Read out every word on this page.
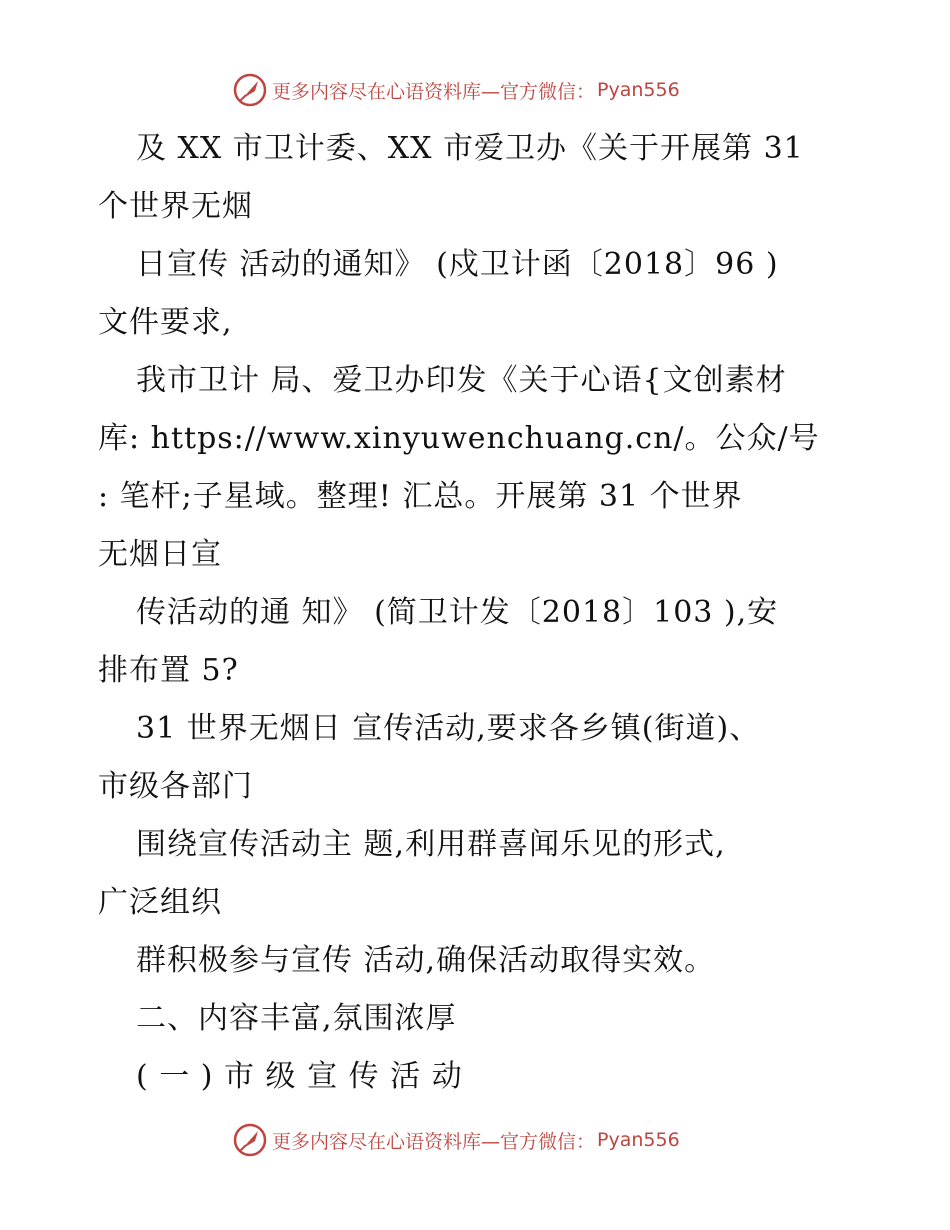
更多内容尽在心语资料库—官方微信： Pyan556
及 XX 市卫计委、XX 市爱卫办《关于开展第 31
个世界无烟
日宣传 活动的通知》 (戍卫计函〔2018〕96 )
文件要求,
我市卫计 局、爱卫办印发《关于心语{文创素材
库: https://www.xinyuwenchuang.cn/。公众/号
: 笔杆;子星域。整理! 汇总。开展第 31 个世界
无烟日宣
传活动的通 知》 (简卫计发〔2018〕103 ),安
排布置 5?
31 世界无烟日 宣传活动,要求各乡镇(街道)、
市级各部门
围绕宣传活动主 题,利用群喜闻乐见的形式,
广泛组织
群积极参与宣传 活动,确保活动取得实效。
二、内容丰富,氛围浓厚
( 一 ) 市 级 宣 传 活 动
更多内容尽在心语资料库—官方微信： Pyan556
